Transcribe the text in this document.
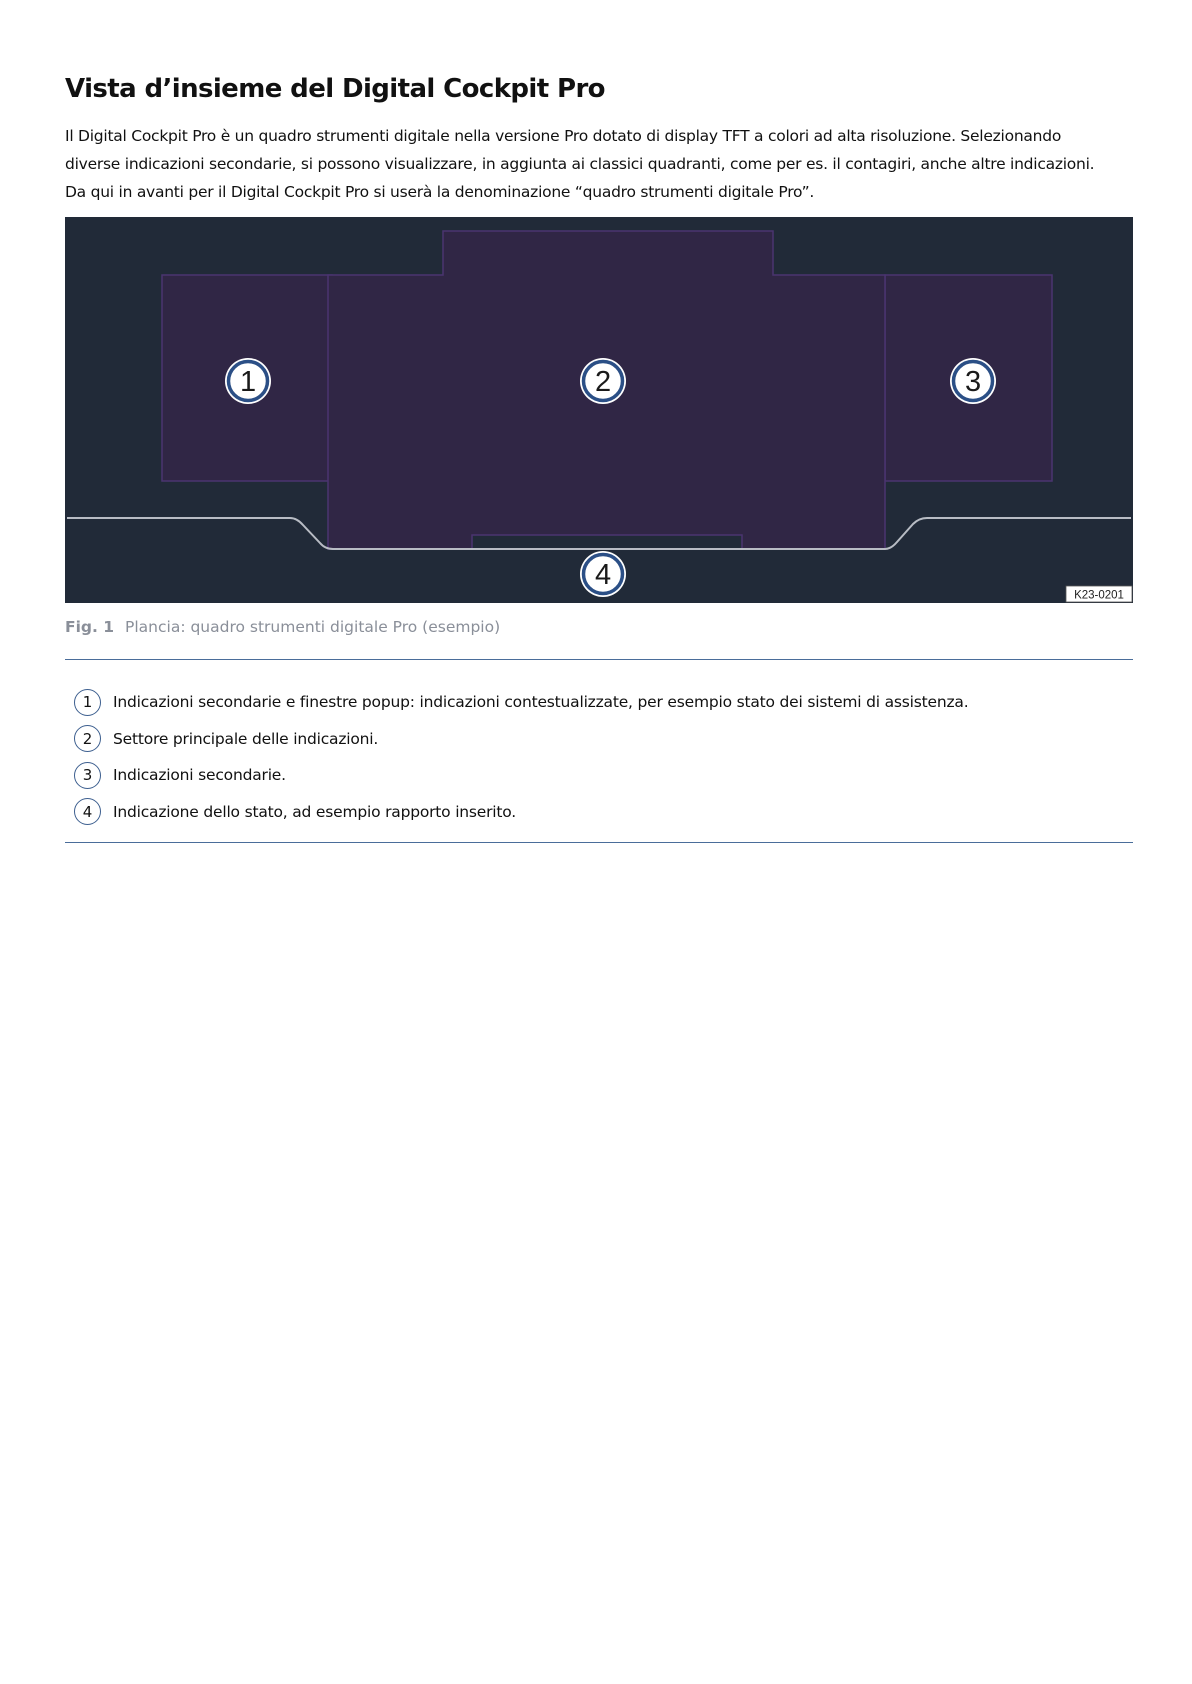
Vista d’insieme del Digital Cockpit Pro

Il Digital Cockpit Pro è un quadro strumenti digitale nella versione Pro dotato di display TFT a colori ad alta risoluzione. Selezionando
diverse indicazioni secondarie, si possono visualizzare, in aggiunta ai classici quadranti, come per es. il contagiri, anche altre indicazioni.
Da qui in avanti per il Digital Cockpit Pro si userà la denominazione “quadro strumenti digitale Pro”.

1	2	3
4
K23-0201
Fig. 1 Plancia: quadro strumenti digitale Pro (esempio)
1	Indicazioni secondarie e finestre popup: indicazioni contestualizzate, per esempio stato dei sistemi di assistenza.
2	Settore principale delle indicazioni.
3	Indicazioni secondarie.
4	Indicazione dello stato, ad esempio rapporto inserito.
